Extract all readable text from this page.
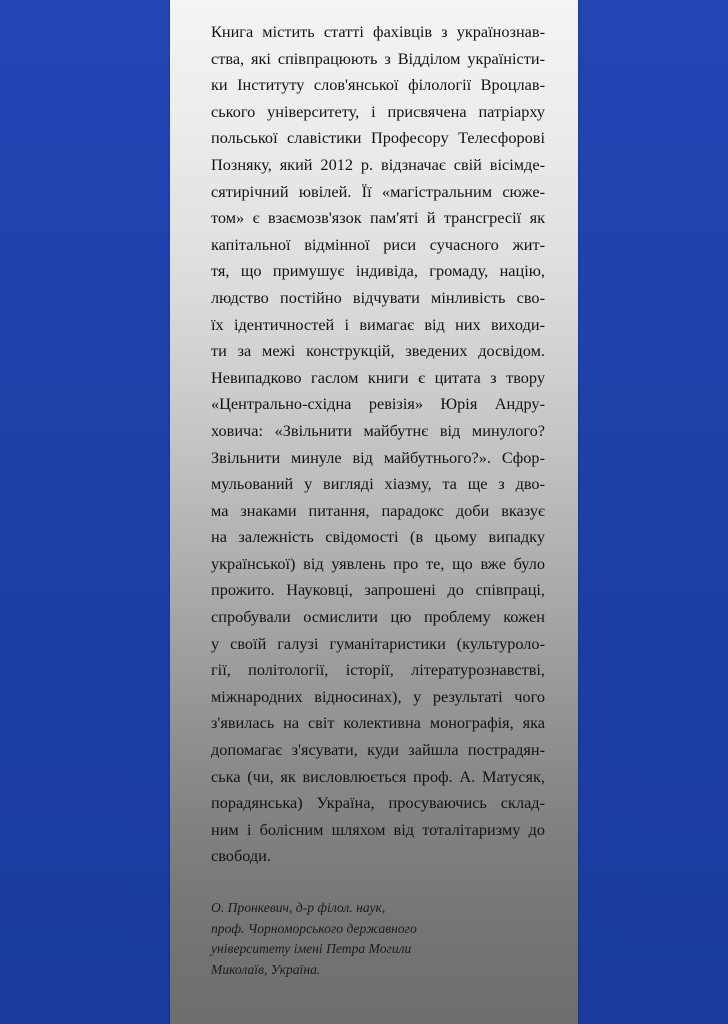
Книга містить статті фахівців з українознав-
ства, які співпрацюють з Відділом україністи-
ки Інституту слов'янської філології Вроцлав-
ського університету, і присвячена патріарху
польської славістики Професору Телесфорові
Позняку, який 2012 р. відзначає свій вісімде-
сятирічний ювілей. Її «магістральним сюже-
том» є взаємозв'язок пам'яті й трансгресії як
капітальної відмінної риси сучасного жит-
тя, що примушує індивіда, громаду, націю,
людство постійно відчувати мінливість сво-
їх ідентичностей і вимагає від них виходи-
ти за межі конструкцій, зведених досвідом.
Невипадково гаслом книги є цитата з твору
«Центрально-східна ревізія» Юрія Андру-
ховича: «Звільнити майбутнє від минулого?
Звільнити минуле від майбутнього?». Сфор-
мульований у вигляді хіазму, та ще з дво-
ма знаками питання, парадокс доби вказує
на залежність свідомості (в цьому випадку
української) від уявлень про те, що вже було
прожито. Науковці, запрошені до співпраці,
спробували осмислити цю проблему кожен
у своїй галузі гуманітаристики (культуроло-
гії, політології, історії, літературознавстві,
міжнародних відносинах), у результаті чого
з'явилась на світ колективна монографія, яка
допомагає з'ясувати, куди зайшла пострадян-
ська (чи, як висловлюється проф. А. Матусяк,
порадянська) Україна, просуваючись склад-
ним і болісним шляхом від тоталітаризму до
свободи.

О. Пронкевич, д-р філол. наук,
проф. Чорноморського державного
університету імені Петра Могили
Миколаїв, Україна.
